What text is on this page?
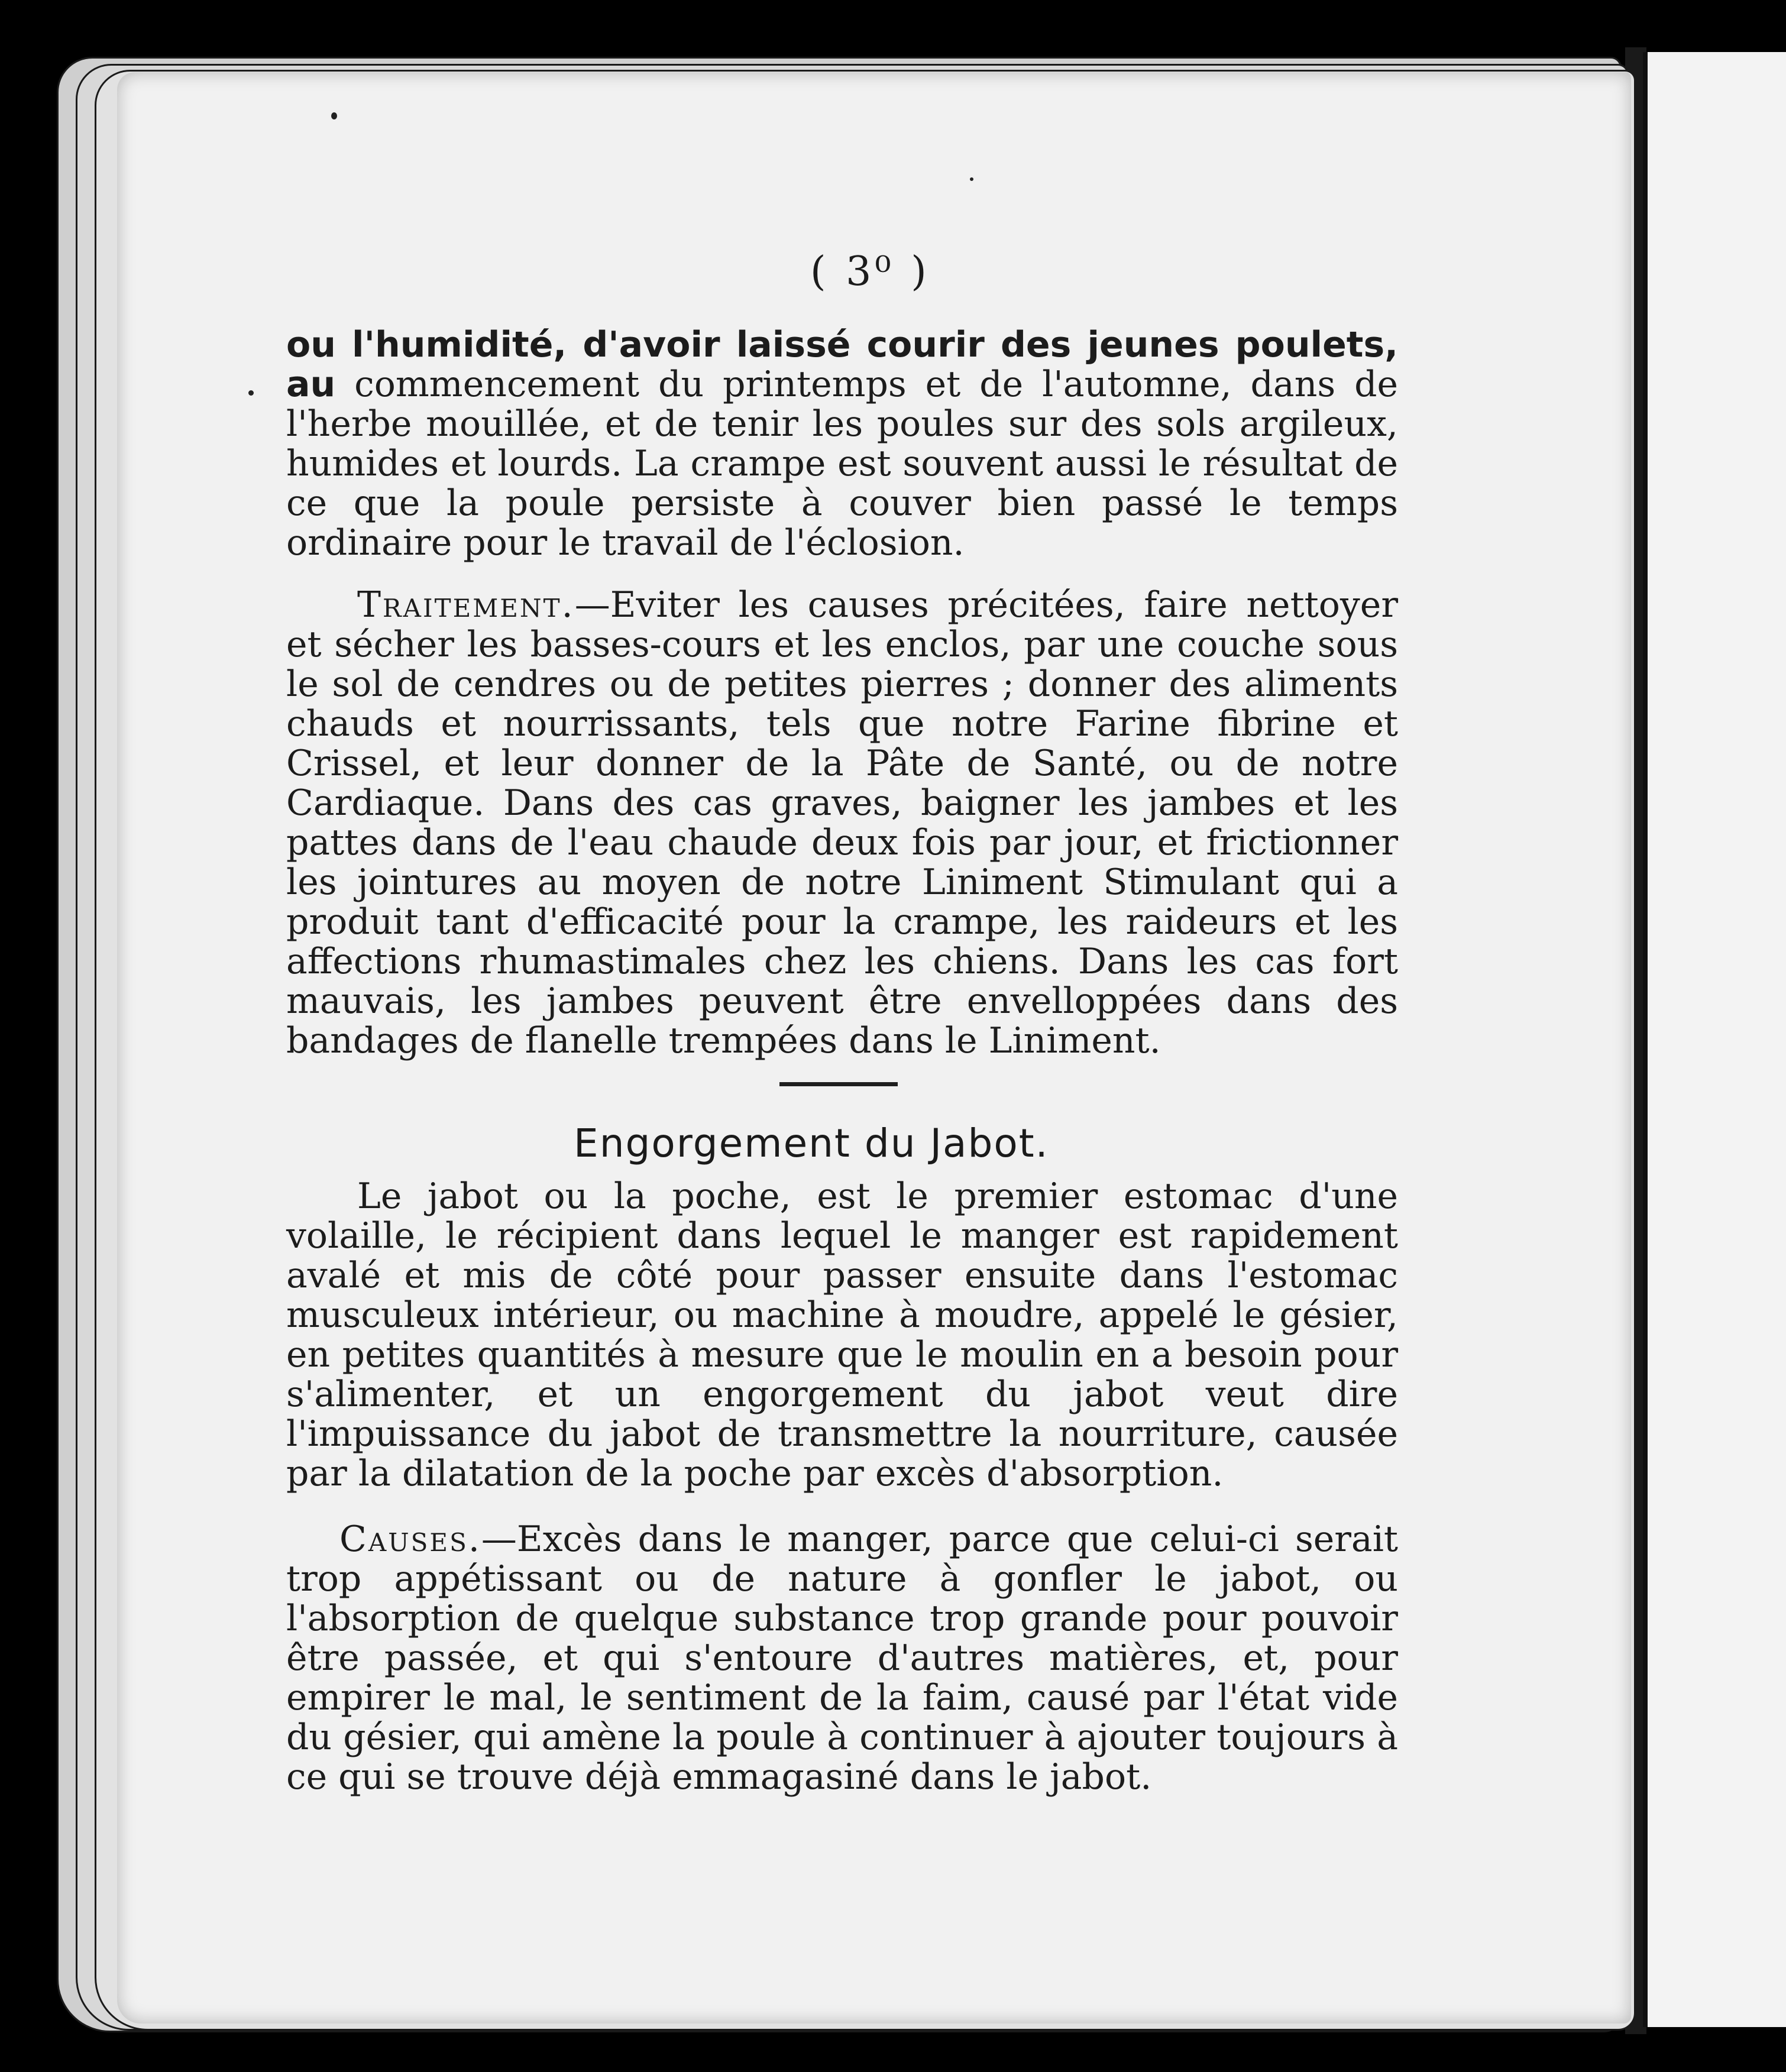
( 3⁰ )
ou l'humidité, d'avoir laissé courir des jeunes poulets, au commencement du printemps et de l'automne, dans de l'herbe mouillée, et de tenir les poules sur des sols argileux, humides et lourds. La crampe est souvent aussi le résultat de ce que la poule persiste à couver bien passé le temps ordinaire pour le travail de l'éclosion.
Traitement.—Eviter les causes précitées, faire nettoyer et sécher les basses-cours et les enclos, par une couche sous le sol de cendres ou de petites pierres ; donner des aliments chauds et nourrissants, tels que notre Farine fibrine et Crissel, et leur donner de la Pâte de Santé, ou de notre Cardiaque. Dans des cas graves, baigner les jambes et les pattes dans de l'eau chaude deux fois par jour, et frictionner les jointures au moyen de notre Liniment Stimulant qui a produit tant d'efficacité pour la crampe, les raideurs et les affections rhumastimales chez les chiens. Dans les cas fort mauvais, les jambes peuvent être envelloppées dans des bandages de flanelle trempées dans le Liniment.
Engorgement du Jabot.
Le jabot ou la poche, est le premier estomac d'une volaille, le récipient dans lequel le manger est rapidement avalé et mis de côté pour passer ensuite dans l'estomac musculeux intérieur, ou machine à moudre, appelé le gésier, en petites quantités à mesure que le moulin en a besoin pour s'alimenter, et un engorgement du jabot veut dire l'impuissance du jabot de transmettre la nourriture, causée par la dilatation de la poche par excès d'absorption.
Causes.—Excès dans le manger, parce que celui-ci serait trop appétissant ou de nature à gonfler le jabot, ou l'absorption de quelque substance trop grande pour pouvoir être passée, et qui s'entoure d'autres matières, et, pour empirer le mal, le sentiment de la faim, causé par l'état vide du gésier, qui amène la poule à continuer à ajouter toujours à ce qui se trouve déjà emmagasiné dans le jabot.
